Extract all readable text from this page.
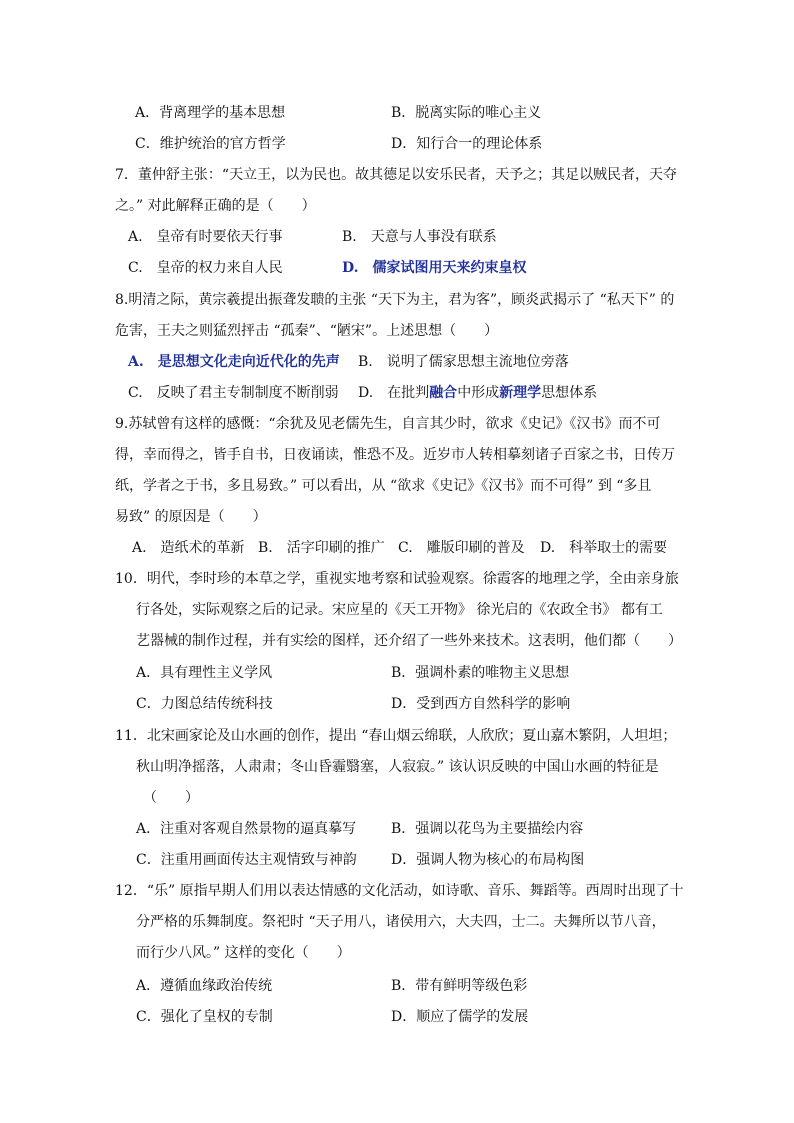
A．背离理学的基本思想	B．脱离实际的唯心主义
C．维护统治的官方哲学	D．知行合一的理论体系
7．董仲舒主张：“天立王，以为民也。故其德足以安乐民者，天予之；其足以贼民者，天夺
之。” 对此解释正确的是（　　）
A.　皇帝有时要依天行事	B.　天意与人事没有联系
C.　皇帝的权力来自人民	D.　儒家试图用天来约束皇权
8.明清之际，黄宗羲提出振聋发聩的主张 “天下为主，君为客”，顾炎武揭示了 “私天下” 的
危害，王夫之则猛烈抨击 “孤秦”、“陋宋”。上述思想（　　）
A.　是思想文化走向近代化的先声 B.　说明了儒家思想主流地位旁落
C.　反映了君主专制制度不断削弱 D.　在批判融合中形成新理学思想体系
9.苏轼曾有这样的感慨：“余犹及见老儒先生，自言其少时，欲求《史记》《汉书》而不可
得，幸而得之，皆手自书，日夜诵读，惟恐不及。近岁市人转相摹刻诸子百家之书，日传万
纸，学者之于书，多且易致。” 可以看出，从 “欲求《史记》《汉书》而不可得” 到 “多且
易致” 的原因是（　　）
A.　造纸术的革新 B.　活字印刷的推广 C.　雕版印刷的普及 D.　科举取士的需要
10．明代，李时珍的本草之学，重视实地考察和试验观察。徐霞客的地理之学，全由亲身旅
行各处，实际观察之后的记录。宋应星的《天工开物》 徐光启的《农政全书》 都有工
艺器械的制作过程，并有实绘的图样，还介绍了一些外来技术。这表明，他们都（　　）
A．具有理性主义学风	B．强调朴素的唯物主义思想
C．力图总结传统科技	D．受到西方自然科学的影响
11．北宋画家论及山水画的创作，提出 “春山烟云绵联，人欣欣；夏山嘉木繁阴，人坦坦；
秋山明净摇落，人肃肃；冬山昏霾翳塞，人寂寂。” 该认识反映的中国山水画的特征是
（　　）
A．注重对客观自然景物的逼真摹写 B．强调以花鸟为主要描绘内容
C．注重用画面传达主观情致与神韵 D．强调人物为核心的布局构图
12．“乐” 原指早期人们用以表达情感的文化活动，如诗歌、音乐、舞蹈等。西周时出现了十
分严格的乐舞制度。祭祀时 “天子用八，诸侯用六，大夫四，士二。夫舞所以节八音，
而行少八风。” 这样的变化（　　）
A．遵循血缘政治传统	B．带有鲜明等级色彩
C．强化了皇权的专制	D．顺应了儒学的发展
